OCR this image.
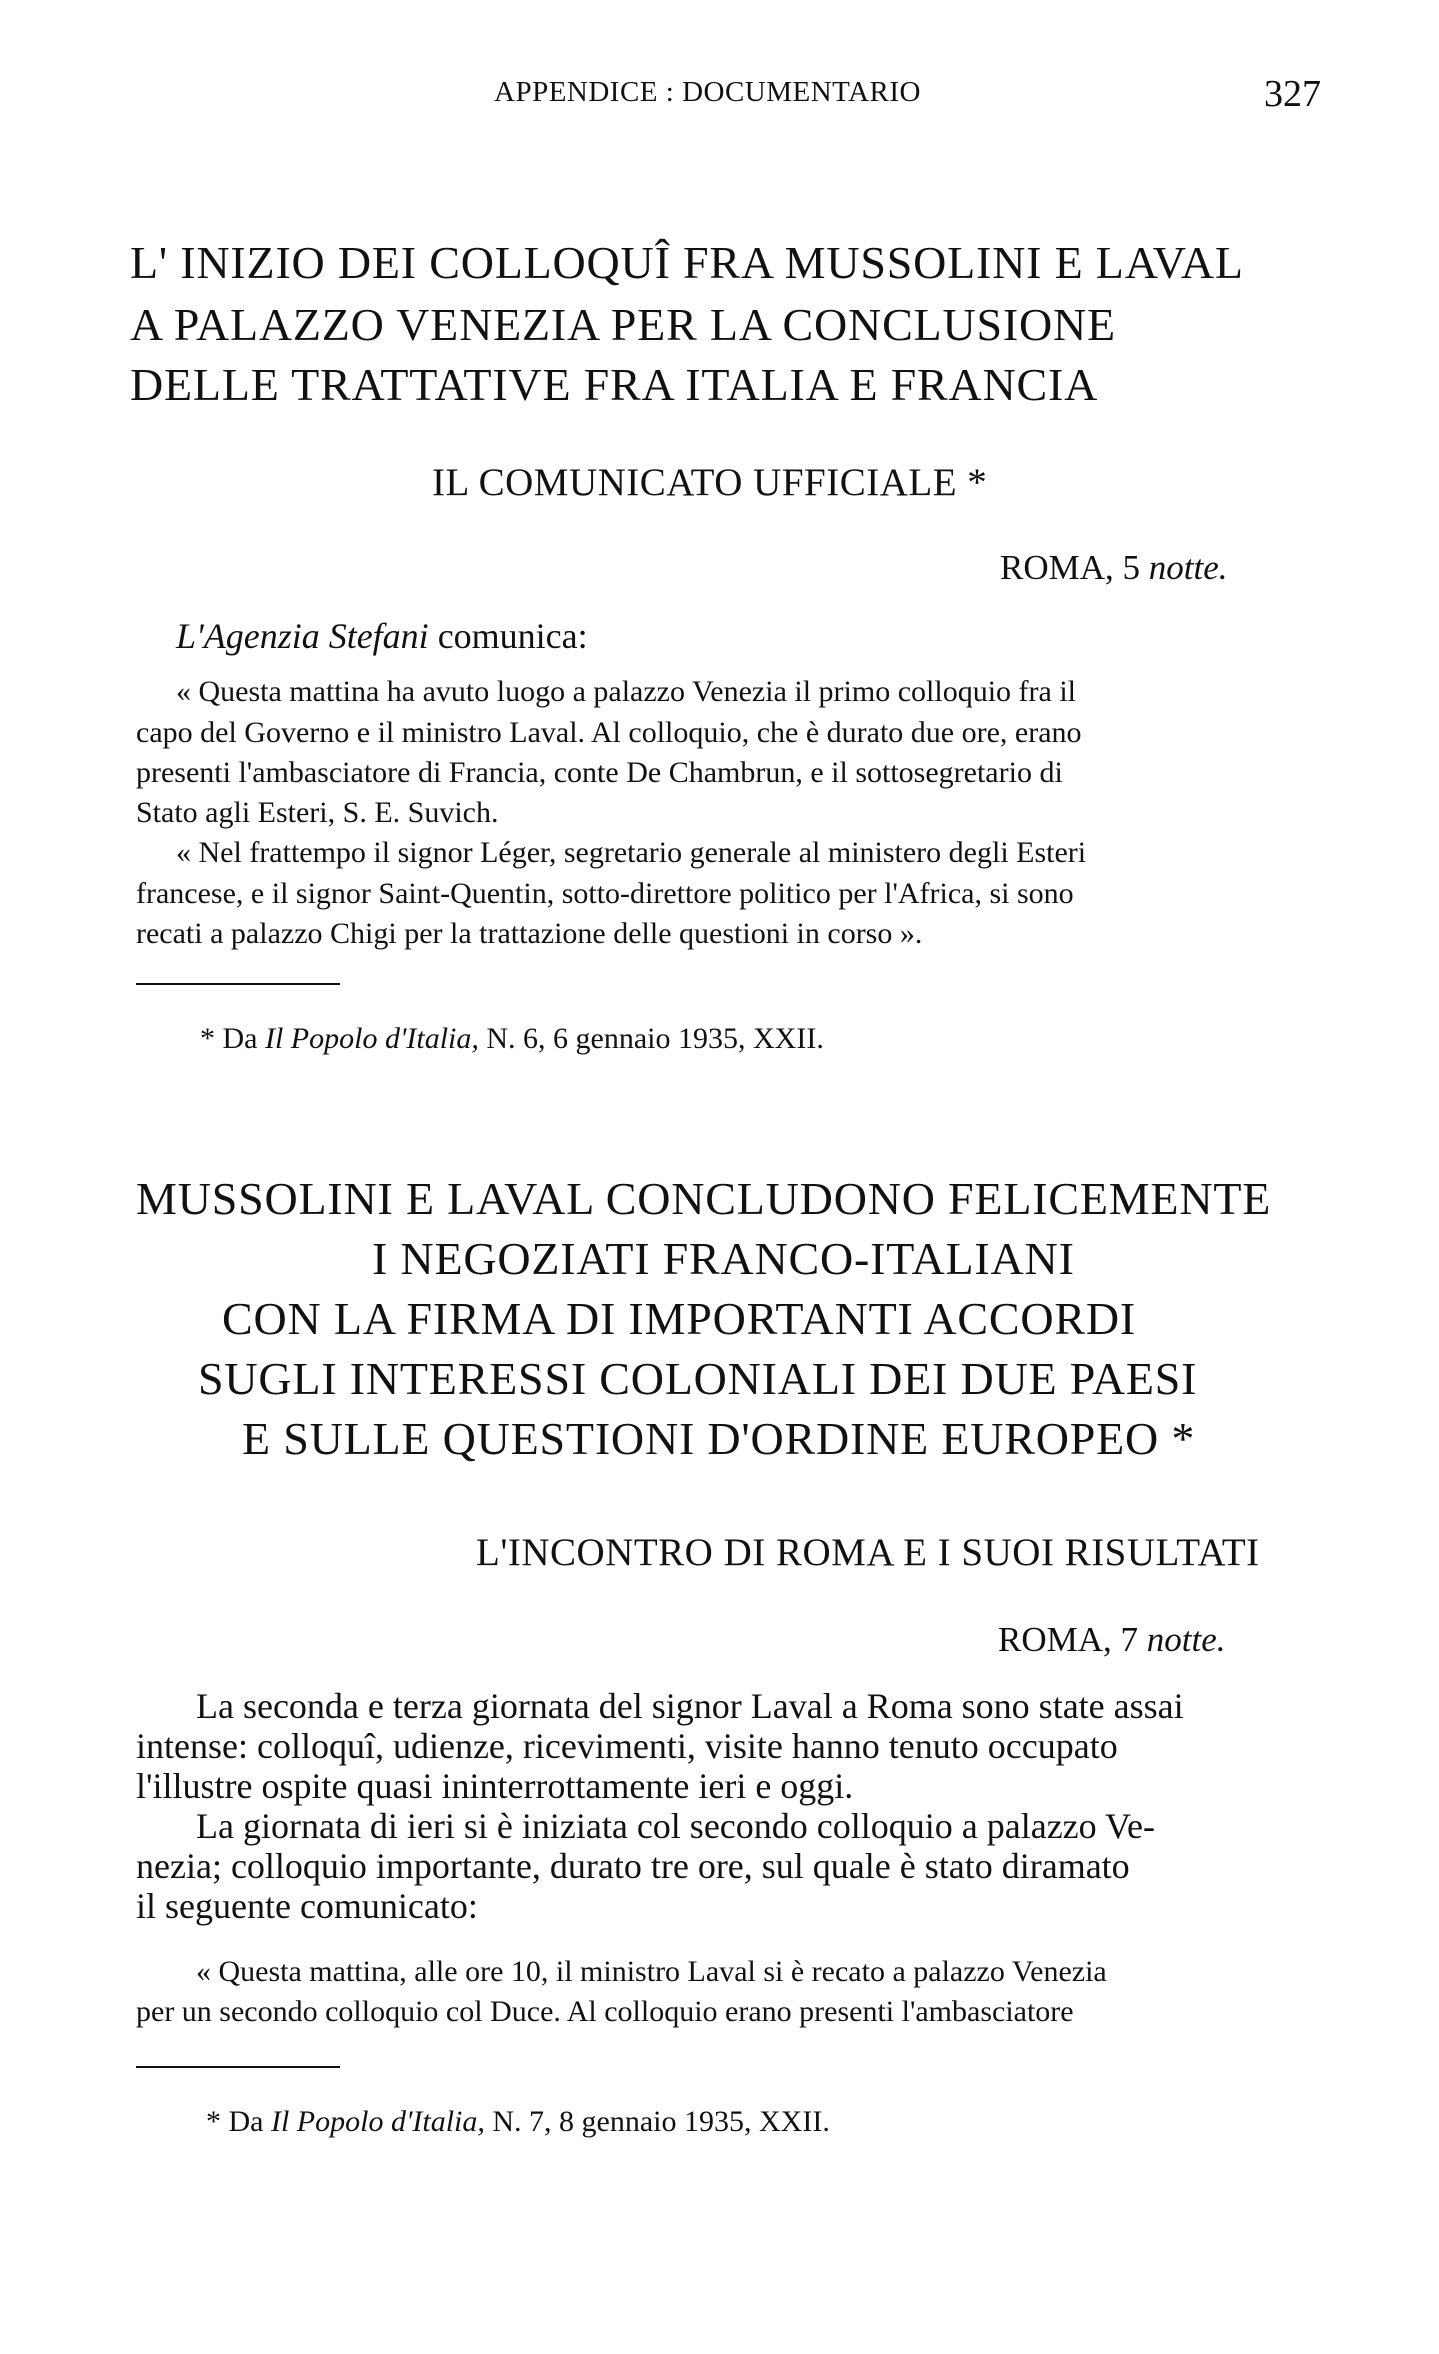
APPENDICE : DOCUMENTARIO	327
L' INIZIO DEI COLLOQUÎ FRA MUSSOLINI E LAVAL
A PALAZZO VENEZIA PER LA CONCLUSIONE
DELLE TRATTATIVE FRA ITALIA E FRANCIA
IL COMUNICATO UFFICIALE *
ROMA, 5 notte.
L'Agenzia Stefani comunica:
« Questa mattina ha avuto luogo a palazzo Venezia il primo colloquio fra il
capo del Governo e il ministro Laval. Al colloquio, che è durato due ore, erano
presenti l'ambasciatore di Francia, conte De Chambrun, e il sottosegretario di
Stato agli Esteri, S. E. Suvich.
« Nel frattempo il signor Léger, segretario generale al ministero degli Esteri
francese, e il signor Saint-Quentin, sotto-direttore politico per l'Africa, si sono
recati a palazzo Chigi per la trattazione delle questioni in corso ».
* Da Il Popolo d'Italia, N. 6, 6 gennaio 1935, XXII.
MUSSOLINI E LAVAL CONCLUDONO FELICEMENTE
I NEGOZIATI FRANCO-ITALIANI
CON LA FIRMA DI IMPORTANTI ACCORDI
SUGLI INTERESSI COLONIALI DEI DUE PAESI
E SULLE QUESTIONI D'ORDINE EUROPEO *
L'INCONTRO DI ROMA E I SUOI RISULTATI
ROMA, 7 notte.
La seconda e terza giornata del signor Laval a Roma sono state assai
intense: colloquî, udienze, ricevimenti, visite hanno tenuto occupato
l'illustre ospite quasi ininterrottamente ieri e oggi.
La giornata di ieri si è iniziata col secondo colloquio a palazzo Ve-
nezia; colloquio importante, durato tre ore, sul quale è stato diramato
il seguente comunicato:
« Questa mattina, alle ore 10, il ministro Laval si è recato a palazzo Venezia
per un secondo colloquio col Duce. Al colloquio erano presenti l'ambasciatore
* Da Il Popolo d'Italia, N. 7, 8 gennaio 1935, XXII.
